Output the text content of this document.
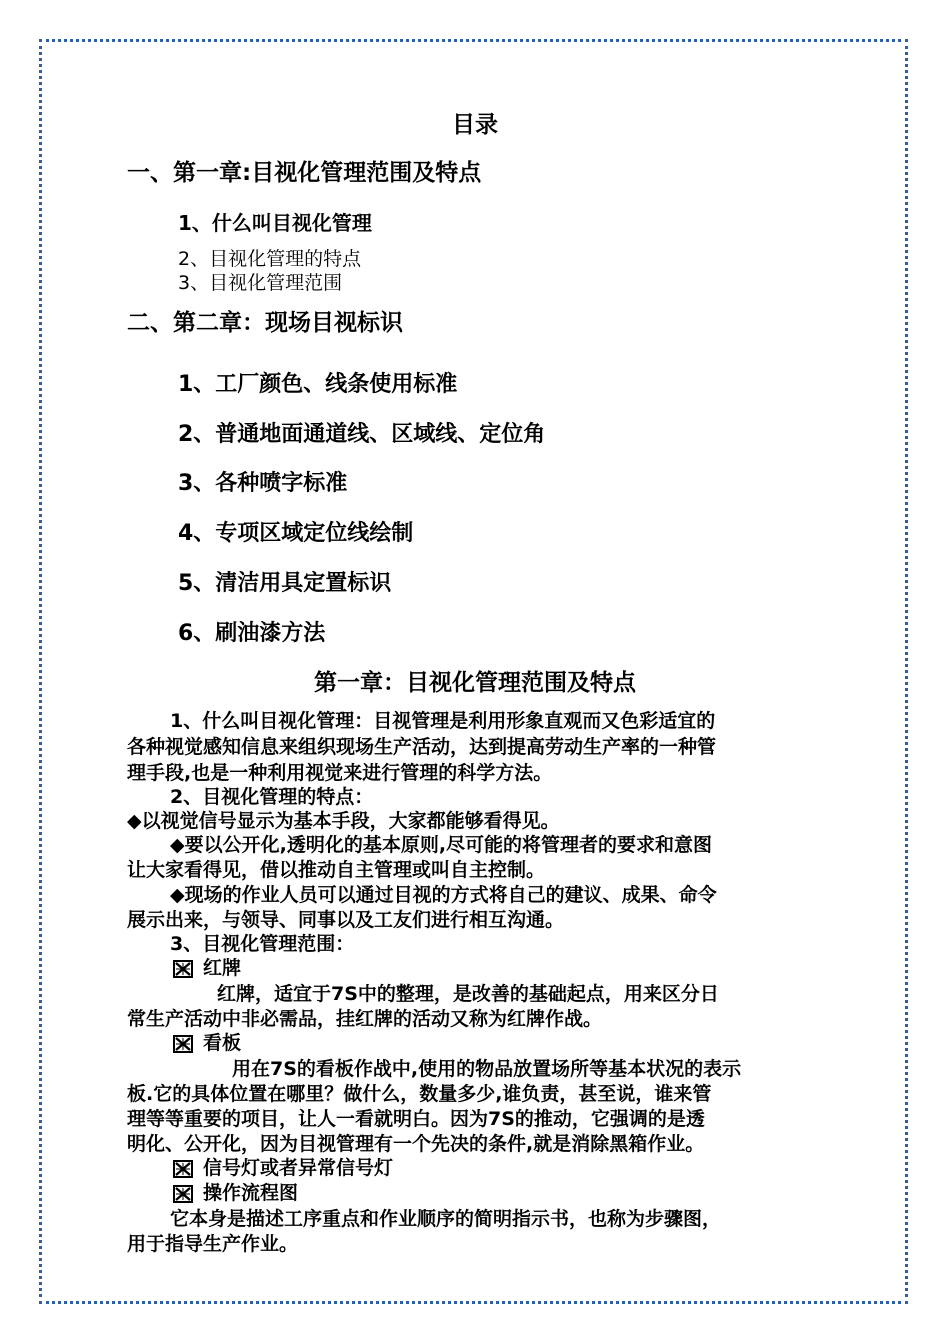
目录
一、第一章:目视化管理范围及特点
1、什么叫目视化管理
2、目视化管理的特点
3、目视化管理范围
二、第二章：现场目视标识
1、工厂颜色、线条使用标准
2、普通地面通道线、区域线、定位角
3、各种喷字标准
4、专项区域定位线绘制
5、清洁用具定置标识
6、刷油漆方法
第一章：目视化管理范围及特点
1、什么叫目视化管理：目视管理是利用形象直观而又色彩适宜的
各种视觉感知信息来组织现场生产活动，达到提高劳动生产率的一种管
理手段,也是一种利用视觉来进行管理的科学方法。
2、目视化管理的特点：
◆以视觉信号显示为基本手段，大家都能够看得见。
◆要以公开化,透明化的基本原则,尽可能的将管理者的要求和意图
让大家看得见，借以推动自主管理或叫自主控制。
◆现场的作业人员可以通过目视的方式将自己的建议、成果、命令
展示出来，与领导、同事以及工友们进行相互沟通。
3、目视化管理范围：
红牌
红牌，适宜于7S中的整理，是改善的基础起点，用来区分日
常生产活动中非必需品，挂红牌的活动又称为红牌作战。
看板
用在7S的看板作战中,使用的物品放置场所等基本状况的表示
板.它的具体位置在哪里？做什么，数量多少,谁负责，甚至说，谁来管
理等等重要的项目，让人一看就明白。因为7S的推动，它强调的是透
明化、公开化，因为目视管理有一个先决的条件,就是消除黑箱作业。
信号灯或者异常信号灯
操作流程图
它本身是描述工序重点和作业顺序的简明指示书，也称为步骤图，
用于指导生产作业。
